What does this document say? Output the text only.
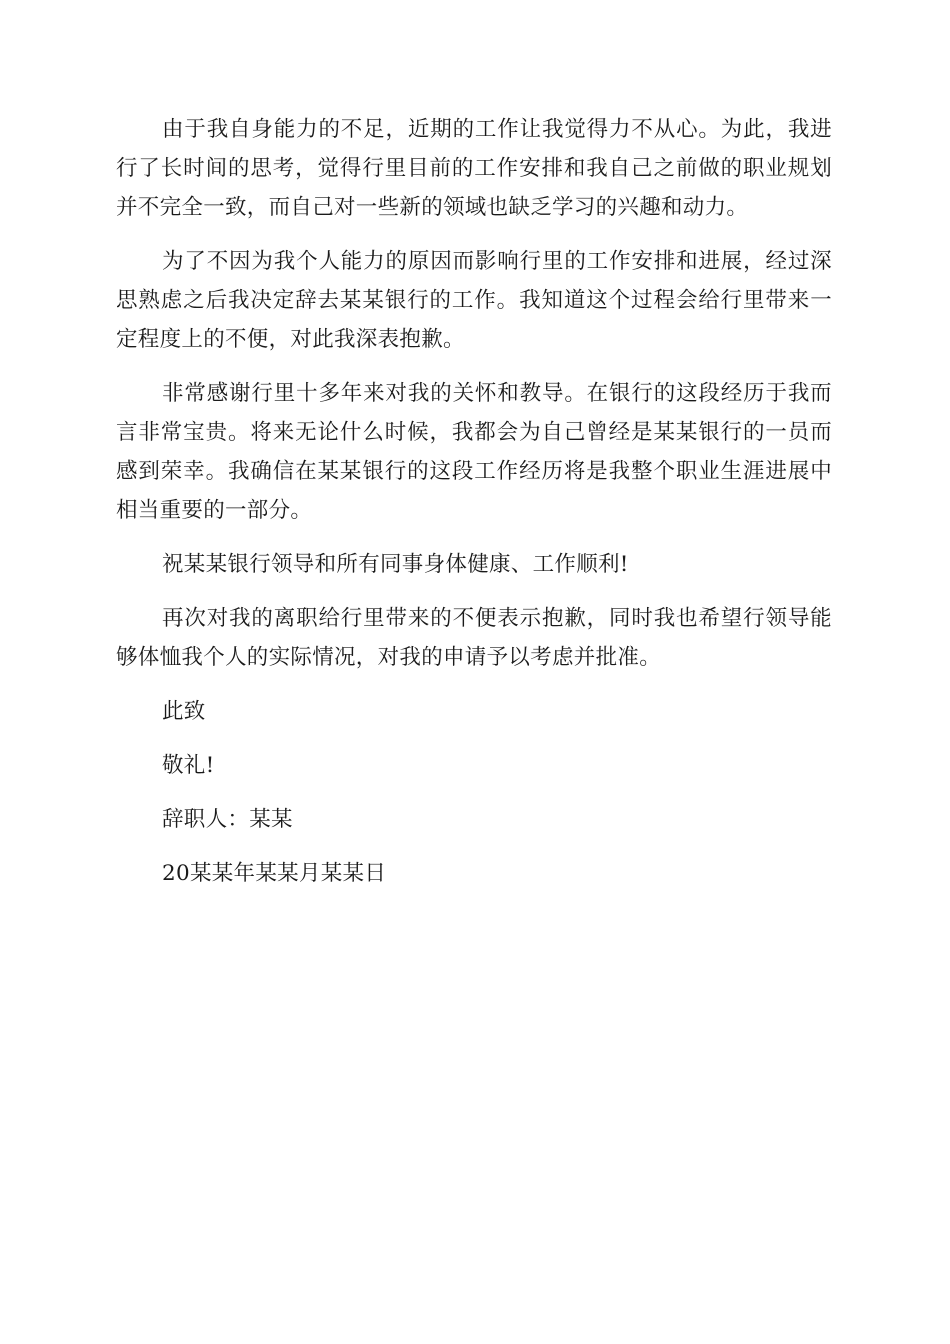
由于我自身能力的不足，近期的工作让我觉得力不从心。为此，我进行了长时间的思考，觉得行里目前的工作安排和我自己之前做的职业规划并不完全一致，而自己对一些新的领域也缺乏学习的兴趣和动力。

为了不因为我个人能力的原因而影响行里的工作安排和进展，经过深思熟虑之后我决定辞去某某银行的工作。我知道这个过程会给行里带来一定程度上的不便，对此我深表抱歉。

非常感谢行里十多年来对我的关怀和教导。在银行的这段经历于我而言非常宝贵。将来无论什么时候，我都会为自己曾经是某某银行的一员而感到荣幸。我确信在某某银行的这段工作经历将是我整个职业生涯进展中相当重要的一部分。

祝某某银行领导和所有同事身体健康、工作顺利!

再次对我的离职给行里带来的不便表示抱歉，同时我也希望行领导能够体恤我个人的实际情况，对我的申请予以考虑并批准。

此致

敬礼!

辞职人：某某

20某某年某某月某某日
